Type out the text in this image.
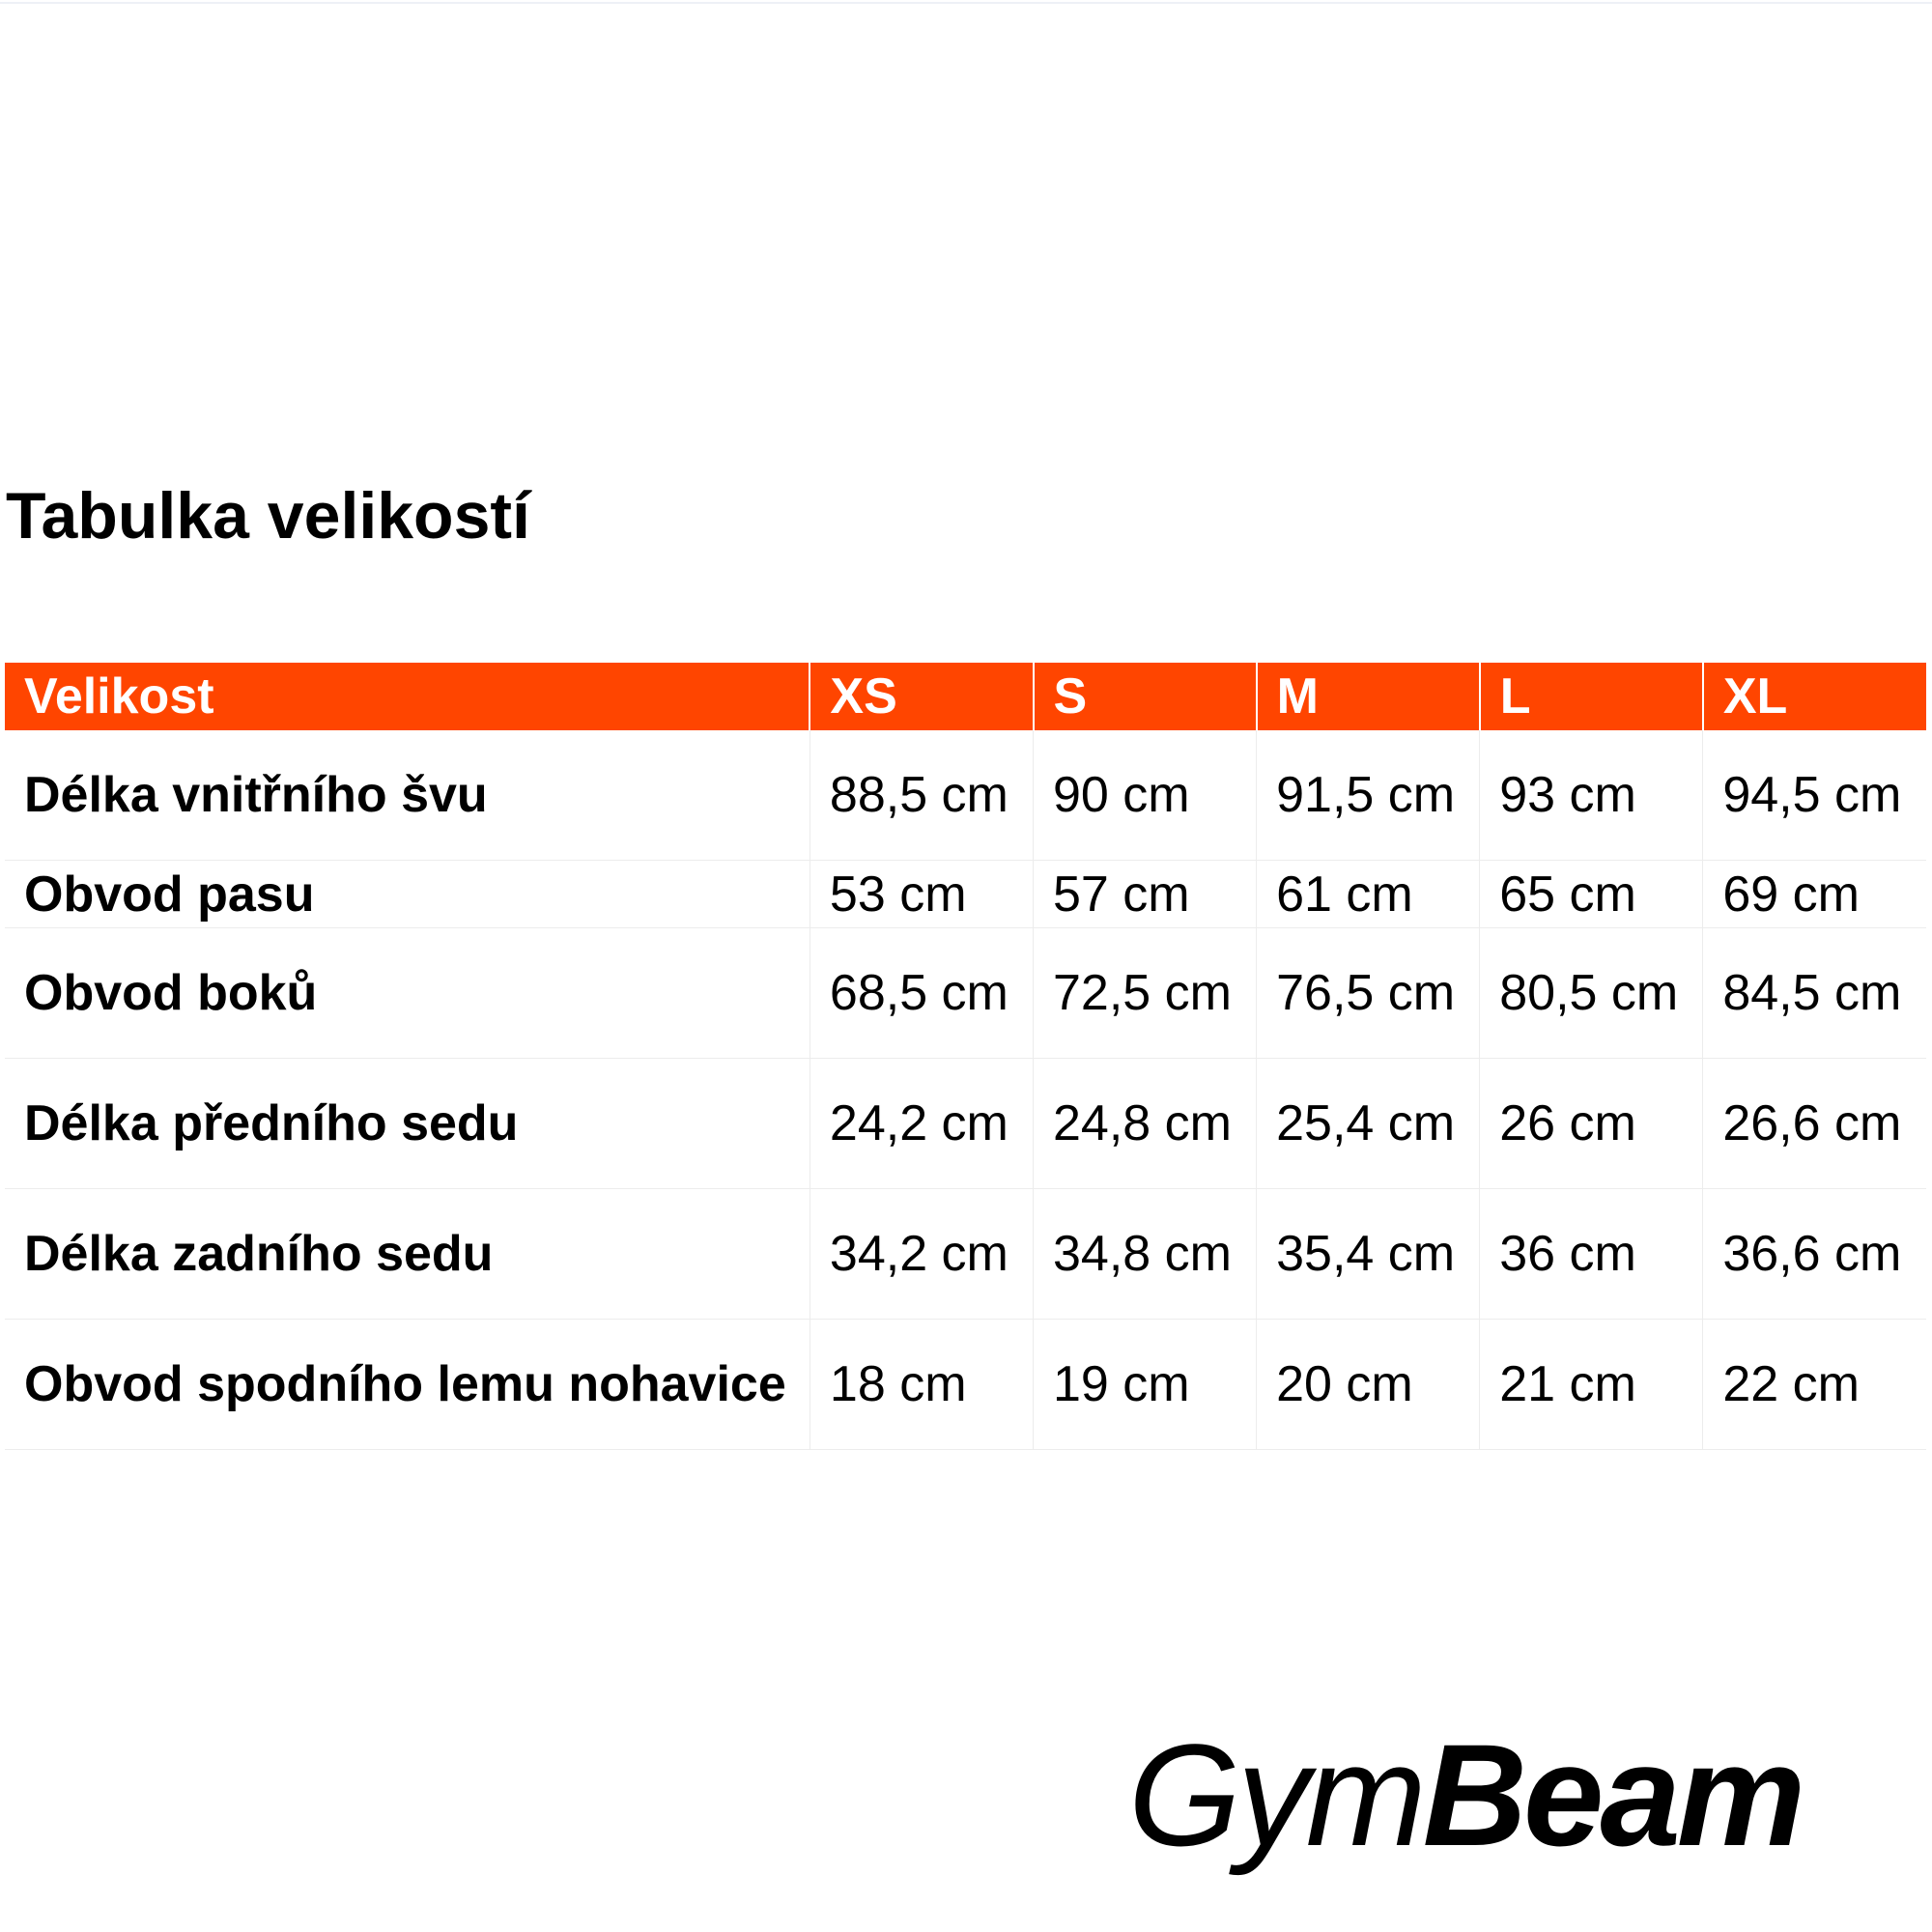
Tabulka velikostí
Velikost	XS	S	M	L	XL
Délka vnitřního švu	88,5 cm	90 cm	91,5 cm	93 cm	94,5 cm
Obvod pasu	53 cm	57 cm	61 cm	65 cm	69 cm
Obvod boků	68,5 cm	72,5 cm	76,5 cm	80,5 cm	84,5 cm
Délka předního sedu	24,2 cm	24,8 cm	25,4 cm	26 cm	26,6 cm
Délka zadního sedu	34,2 cm	34,8 cm	35,4 cm	36 cm	36,6 cm
Obvod spodního lemu nohavice	18 cm	19 cm	20 cm	21 cm	22 cm
GymBeam
